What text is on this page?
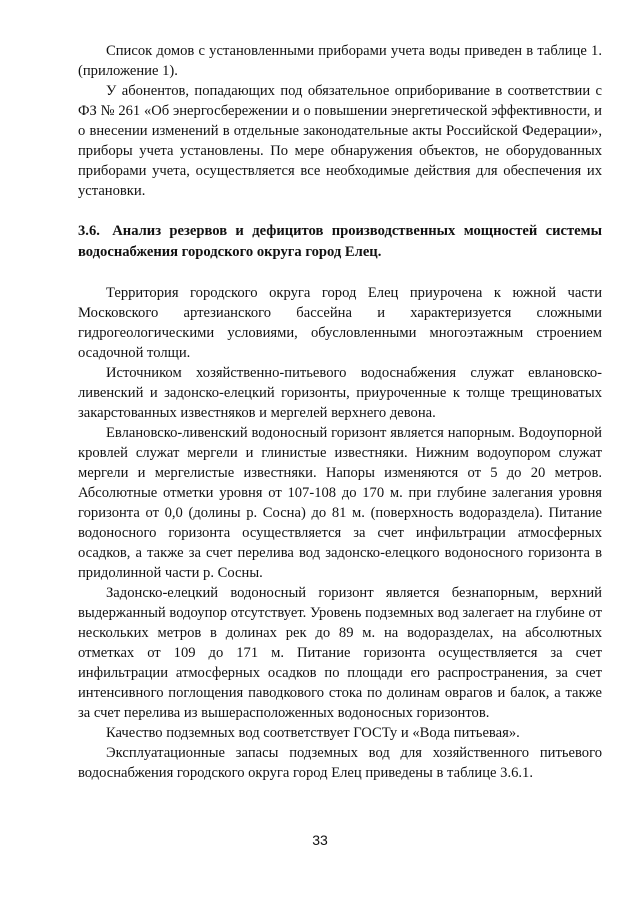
Список домов с установленными приборами учета воды приведен в таблице 1. (приложение 1).

У абонентов, попадающих под обязательное оприборивание в соответствии с ФЗ № 261 «Об энергосбережении и о повышении энергетической эффективности, и о внесении изменений в отдельные законодательные акты Российской Федерации», приборы учета установлены. По мере обнаружения объектов, не оборудованных приборами учета, осуществляется все необходимые действия для обеспечения их установки.

3.6. Анализ резервов и дефицитов производственных мощностей системы водоснабжения городского округа город Елец.

Территория городского округа город Елец приурочена к южной части Московского артезианского бассейна и характеризуется сложными гидрогеологическими условиями, обусловленными многоэтажным строением осадочной толщи.

Источником хозяйственно-питьевого водоснабжения служат евлановско-ливенский и задонско-елецкий горизонты, приуроченные к толще трещиноватых закарстованных известняков и мергелей верхнего девона.

Евлановско-ливенский водоносный горизонт является напорным. Водоупорной кровлей служат мергели и глинистые известняки. Нижним водоупором служат мергели и мергелистые известняки. Напоры изменяются от 5 до 20 метров. Абсолютные отметки уровня от 107-108 до 170 м. при глубине залегания уровня горизонта от 0,0 (долины р. Сосна) до 81 м. (поверхность водораздела). Питание водоносного горизонта осуществляется за счет инфильтрации атмосферных осадков, а также за счет перелива вод задонско-елецкого водоносного горизонта в придолинной части р. Сосны.

Задонско-елецкий водоносный горизонт является безнапорным, верхний выдержанный водоупор отсутствует. Уровень подземных вод залегает на глубине от нескольких метров в долинах рек до 89 м. на водоразделах, на абсолютных отметках от 109 до 171 м. Питание горизонта осуществляется за счет инфильтрации атмосферных осадков по площади его распространения, за счет интенсивного поглощения паводкового стока по долинам оврагов и балок, а также за счет перелива из вышерасположенных водоносных горизонтов.

Качество подземных вод соответствует ГОСТу и «Вода питьевая».

Эксплуатационные запасы подземных вод для хозяйственного питьевого водоснабжения городского округа город Елец приведены в таблице 3.6.1.

33
